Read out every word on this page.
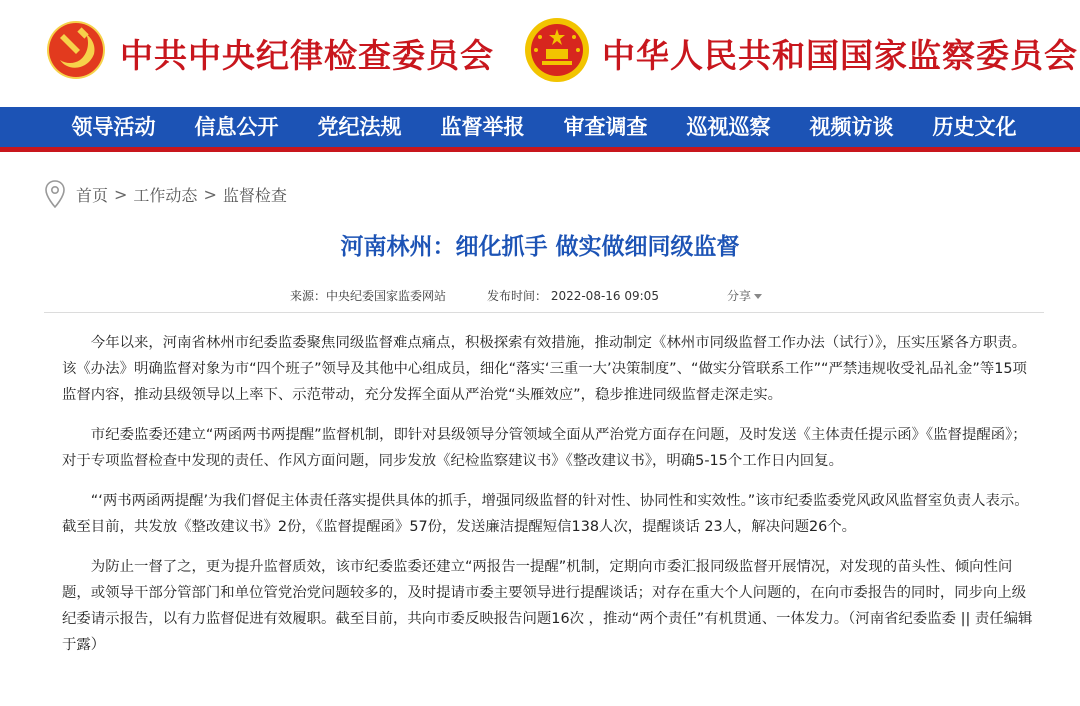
中共中央纪律检查委员会	中华人民共和国国家监察委员会
领导活动	信息公开	党纪法规	监督举报	审查调查	巡视巡察	视频访谈	历史文化
首页 > 工作动态 > 监督检查
河南林州：细化抓手 做实做细同级监督
来源：中央纪委国家监委网站	发布时间： 2022-08-16 09:05	分享

今年以来，河南省林州市纪委监委聚焦同级监督难点痛点，积极探索有效措施，推动制定《林州市同级监督工作办法（试行）》，压实压紧各方职责。该《办法》明确监督对象为市“四个班子”领导及其他中心组成员，细化“落实‘三重一大’决策制度”、“做实分管联系工作”“严禁违规收受礼品礼金”等15项监督内容，推动县级领导以上率下、示范带动，充分发挥全面从严治党“头雁效应”，稳步推进同级监督走深走实。

市纪委监委还建立“两函两书两提醒”监督机制，即针对县级领导分管领域全面从严治党方面存在问题，及时发送《主体责任提示函》《监督提醒函》；对于专项监督检查中发现的责任、作风方面问题，同步发放《纪检监察建议书》《整改建议书》，明确5-15个工作日内回复。

“‘两书两函两提醒’为我们督促主体责任落实提供具体的抓手，增强同级监督的针对性、协同性和实效性。”该市纪委监委党风政风监督室负责人表示。截至目前，共发放《整改建议书》2份，《监督提醒函》57份，发送廉洁提醒短信138人次，提醒谈话 23人，解决问题26个。

为防止一督了之，更为提升监督质效，该市纪委监委还建立“两报告一提醒”机制，定期向市委汇报同级监督开展情况，对发现的苗头性、倾向性问题，或领导干部分管部门和单位管党治党问题较多的，及时提请市委主要领导进行提醒谈话；对存在重大个人问题的，在向市委报告的同时，同步向上级纪委请示报告，以有力监督促进有效履职。截至目前，共向市委反映报告问题16次 ，推动“两个责任”有机贯通、一体发力。（河南省纪委监委 || 责任编辑 于露）
